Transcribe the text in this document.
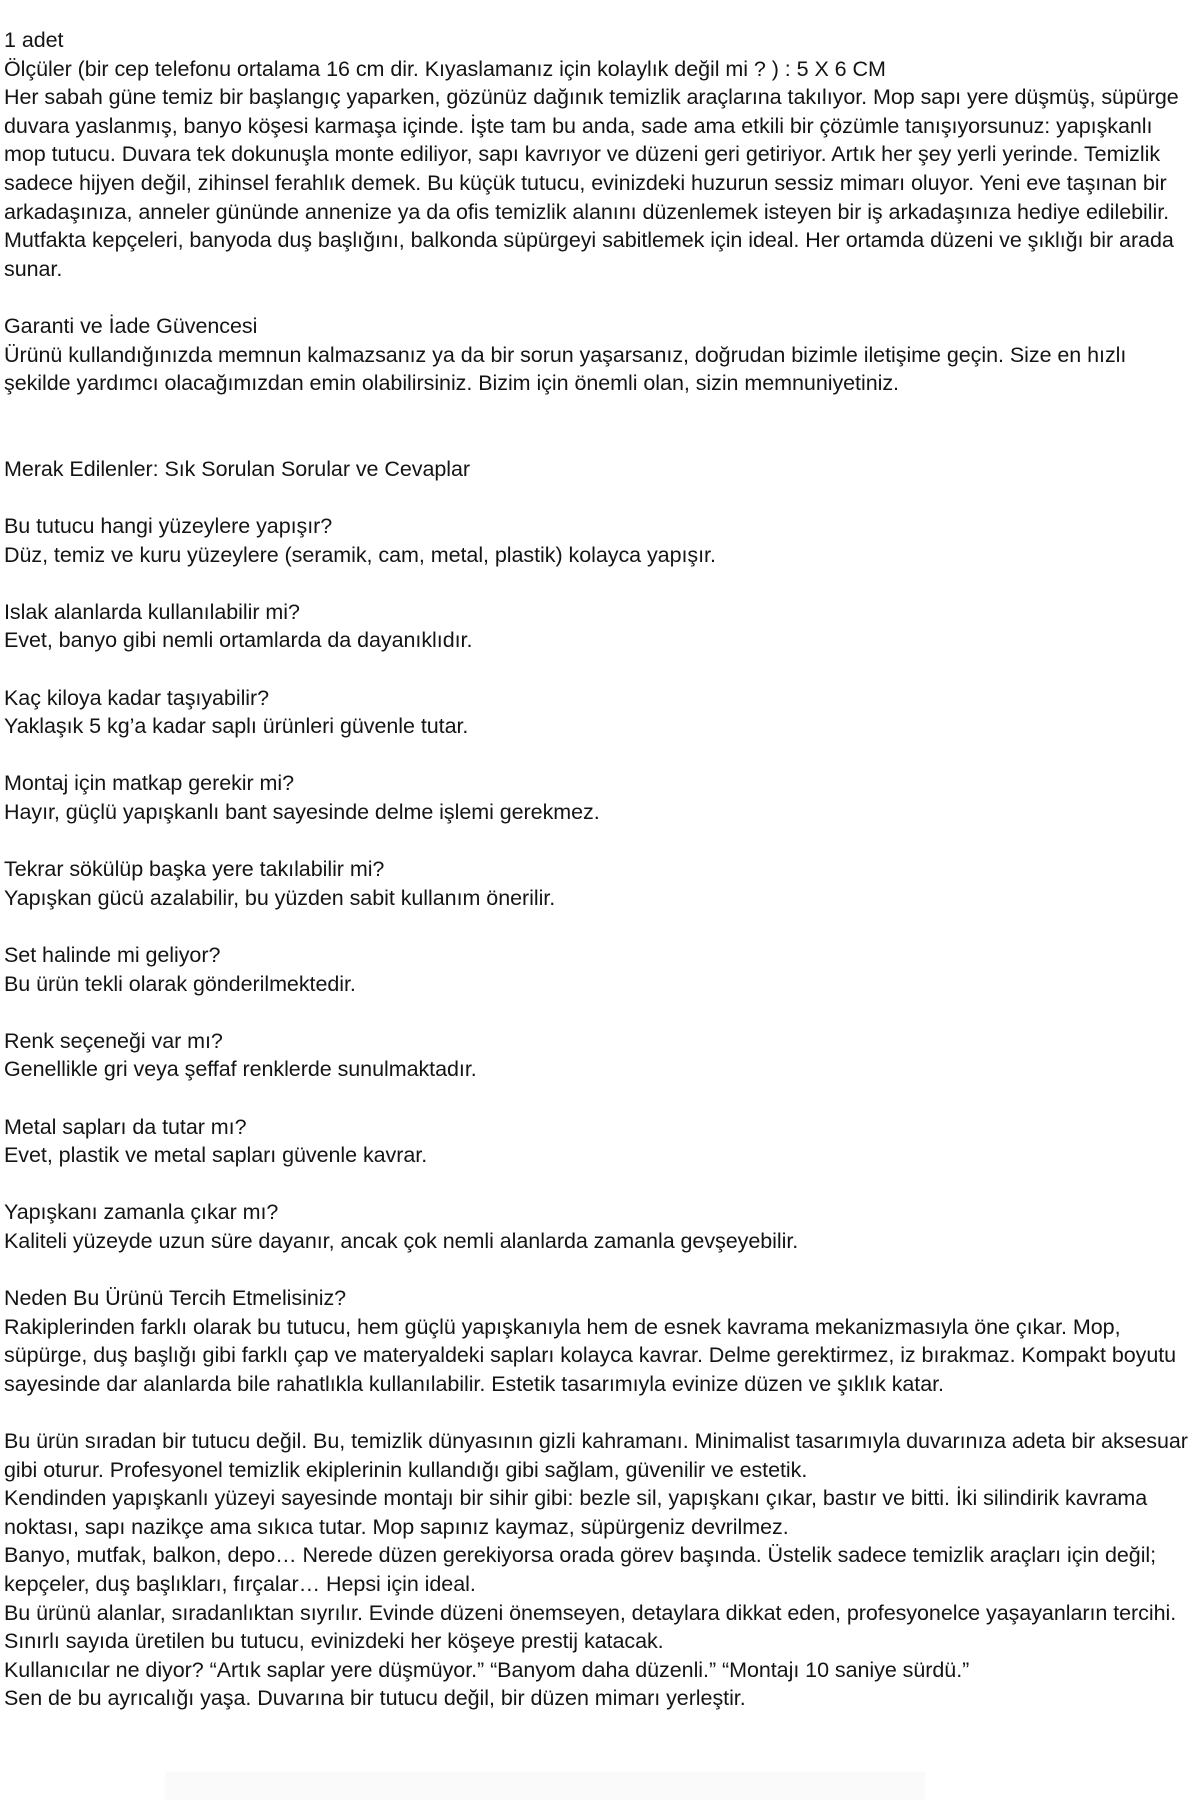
1 adet

Ölçüler (bir cep telefonu ortalama 16 cm dir. Kıyaslamanız için kolaylık değil mi ? ) : 5 X 6 CM

Her sabah güne temiz bir başlangıç yaparken, gözünüz dağınık temizlik araçlarına takılıyor. Mop sapı yere düşmüş, süpürge duvara yaslanmış, banyo köşesi karmaşa içinde. İşte tam bu anda, sade ama etkili bir çözümle tanışıyorsunuz: yapışkanlı mop tutucu. Duvara tek dokunuşla monte ediliyor, sapı kavrıyor ve düzeni geri getiriyor. Artık her şey yerli yerinde. Temizlik sadece hijyen değil, zihinsel ferahlık demek. Bu küçük tutucu, evinizdeki huzurun sessiz mimarı oluyor. Yeni eve taşınan bir arkadaşınıza, anneler gününde annenize ya da ofis temizlik alanını düzenlemek isteyen bir iş arkadaşınıza hediye edilebilir. Mutfakta kepçeleri, banyoda duş başlığını, balkonda süpürgeyi sabitlemek için ideal. Her ortamda düzeni ve şıklığı bir arada sunar.

Garanti ve İade Güvencesi

Ürünü kullandığınızda memnun kalmazsanız ya da bir sorun yaşarsanız, doğrudan bizimle iletişime geçin. Size en hızlı şekilde yardımcı olacağımızdan emin olabilirsiniz. Bizim için önemli olan, sizin memnuniyetiniz.

Merak Edilenler: Sık Sorulan Sorular ve Cevaplar

Bu tutucu hangi yüzeylere yapışır?

Düz, temiz ve kuru yüzeylere (seramik, cam, metal, plastik) kolayca yapışır.

Islak alanlarda kullanılabilir mi?

Evet, banyo gibi nemli ortamlarda da dayanıklıdır.

Kaç kiloya kadar taşıyabilir?

Yaklaşık 5 kg’a kadar saplı ürünleri güvenle tutar.

Montaj için matkap gerekir mi?

Hayır, güçlü yapışkanlı bant sayesinde delme işlemi gerekmez.

Tekrar sökülüp başka yere takılabilir mi?

Yapışkan gücü azalabilir, bu yüzden sabit kullanım önerilir.

Set halinde mi geliyor?

Bu ürün tekli olarak gönderilmektedir.

Renk seçeneği var mı?

Genellikle gri veya şeffaf renklerde sunulmaktadır.

Metal sapları da tutar mı?

Evet, plastik ve metal sapları güvenle kavrar.

Yapışkanı zamanla çıkar mı?

Kaliteli yüzeyde uzun süre dayanır, ancak çok nemli alanlarda zamanla gevşeyebilir.

Neden Bu Ürünü Tercih Etmelisiniz?

Rakiplerinden farklı olarak bu tutucu, hem güçlü yapışkanıyla hem de esnek kavrama mekanizmasıyla öne çıkar. Mop, süpürge, duş başlığı gibi farklı çap ve materyaldeki sapları kolayca kavrar. Delme gerektirmez, iz bırakmaz. Kompakt boyutu sayesinde dar alanlarda bile rahatlıkla kullanılabilir. Estetik tasarımıyla evinize düzen ve şıklık katar.

Bu ürün sıradan bir tutucu değil. Bu, temizlik dünyasının gizli kahramanı. Minimalist tasarımıyla duvarınıza adeta bir aksesuar gibi oturur. Profesyonel temizlik ekiplerinin kullandığı gibi sağlam, güvenilir ve estetik.

Kendinden yapışkanlı yüzeyi sayesinde montajı bir sihir gibi: bezle sil, yapışkanı çıkar, bastır ve bitti. İki silindirik kavrama noktası, sapı nazikçe ama sıkıca tutar. Mop sapınız kaymaz, süpürgeniz devrilmez.

Banyo, mutfak, balkon, depo… Nerede düzen gerekiyorsa orada görev başında. Üstelik sadece temizlik araçları için değil; kepçeler, duş başlıkları, fırçalar… Hepsi için ideal.

Bu ürünü alanlar, sıradanlıktan sıyrılır. Evinde düzeni önemseyen, detaylara dikkat eden, profesyonelce yaşayanların tercihi. Sınırlı sayıda üretilen bu tutucu, evinizdeki her köşeye prestij katacak.

Kullanıcılar ne diyor? “Artık saplar yere düşmüyor.” “Banyom daha düzenli.” “Montajı 10 saniye sürdü.”

Sen de bu ayrıcalığı yaşa. Duvarına bir tutucu değil, bir düzen mimarı yerleştir.
